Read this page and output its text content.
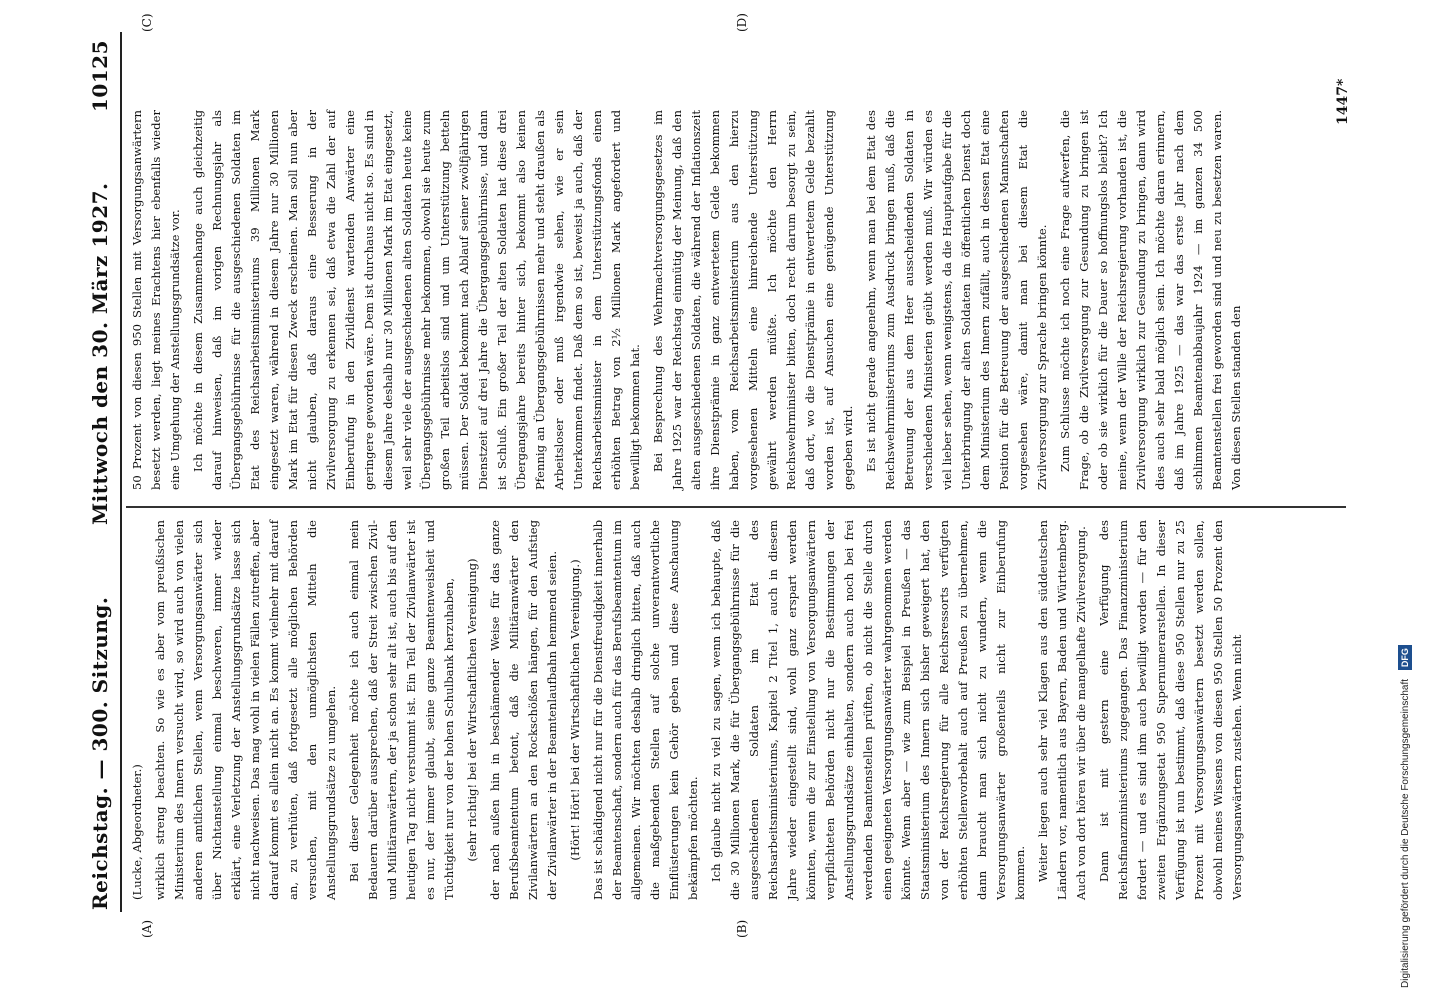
Reichstag. — 300. Sitzung.
Mittwoch den 30. März 1927.
10125
(A)	(B)
(C)	(D)

(Lucke, Abgeordneter.) wirklich streng beachten. So wie es aber vom preußischen Ministerium des Innern versucht wird, so wird auch von vielen anderen amtlichen Stellen, wenn Versorgungsanwärter sich über Nichtanstellung einmal beschweren, immer wieder erklärt, eine Verletzung der Anstellungsgrundsätze lasse sich nicht nachweisen. Das mag wohl in vielen Fällen zutreffen, aber darauf kommt es allein nicht an. Es kommt vielmehr mit darauf an, zu verhüten, daß fortgesetzt alle möglichen Behörden versuchen, mit den unmöglichsten Mitteln die Anstellungsgrundsätze zu umgehen. Bei dieser Gelegenheit möchte ich auch einmal mein Bedauern darüber aussprechen, daß der Streit zwischen Zivil- und Militäranwärtern, der ja schon sehr alt ist, auch bis auf den heutigen Tag nicht verstummt ist. Ein Teil der Zivilanwärter ist es nur, der immer glaubt, seine ganze Beamtenweisheit und Tüchtigkeit nur von der hohen Schulbank herzuhaben, (sehr richtig! bei der Wirtschaftlichen Vereinigung) der nach außen hin in beschämender Weise für das ganze Berufsbeamtentum betont, daß die Militäranwärter den Zivilanwärtern an den Rockschößen hängen, für den Aufstieg der Zivilanwärter in der Beamtenlaufbahn hemmend seien. (Hört! Hört! bei der Wirtschaftlichen Vereinigung.) Das ist schädigend nicht nur für die Dienstfreudigkeit innerhalb der Beamtenschaft, sondern auch für das Berufsbeamtentum im allgemeinen. Wir möchten deshalb dringlich bitten, daß auch die maßgebenden Stellen auf solche unverantwortliche Einflüsterungen kein Gehör geben und diese Anschauung bekämpfen möchten. Ich glaube nicht zu viel zu sagen, wenn ich behaupte, daß die 30 Millionen Mark, die für Übergangsgebührnisse für die ausgeschiedenen Soldaten im Etat des Reichsarbeitsministeriums, Kapitel 2 Titel 1, auch in diesem Jahre wieder eingestellt sind, wohl ganz erspart werden könnten, wenn die zur Einstellung von Versorgungsanwärtern verpflichteten Behörden nicht nur die Bestimmungen der Anstellungsgrundsätze einhalten, sondern auch noch bei frei werdenden Beamtenstellen prüften, ob nicht die Stelle durch einen geeigneten Versorgungsanwärter wahrgenommen werden könnte. Wenn aber — wie zum Beispiel in Preußen — das Staatsministerium des Innern sich bisher geweigert hat, den von der Reichsregierung für alle Reichsressorts verfügten erhöhten Stellenvorbehalt auch auf Preußen zu übernehmen, dann braucht man sich nicht zu wundern, wenn die Versorgungsanwärter großenteils nicht zur Einberufung kommen. Weiter liegen auch sehr viel Klagen aus den süddeutschen Ländern vor, namentlich aus Bayern, Baden und Württemberg. Auch von dort hören wir über die mangelhafte Zivilversorgung. Dann ist mit gestern eine Verfügung des Reichsfinanzministeriums zugegangen. Das Finanzministerium fordert — und es sind ihm auch bewilligt worden — für den zweiten Ergänzungsetat 950 Supernumerarstellen. In dieser Verfügung ist nun bestimmt, daß diese 950 Stellen nur zu 25 Prozent mit Versorgungsanwärtern besetzt werden sollen, obwohl meines Wissens von diesen 950 Stellen 50 Prozent den Versorgungsanwärtern zustehen. Wenn nicht

50 Prozent von diesen 950 Stellen mit Versorgungsanwärtern besetzt werden, liegt meines Erachtens hier ebenfalls wieder eine Umgehung der Anstellungsgrundsätze vor. Ich möchte in diesem Zusammenhange auch gleichzeitig darauf hinweisen, daß im vorigen Rechnungsjahr als Übergangsgebührnisse für die ausgeschiedenen Soldaten im Etat des Reichsarbeitsministeriums 39 Millionen Mark eingesetzt waren, während in diesem Jahre nur 30 Millionen Mark im Etat für diesen Zweck erscheinen. Man soll nun aber nicht glauben, daß daraus eine Besserung in der Zivilversorgung zu erkennen sei, daß etwa die Zahl der auf Einberufung in den Zivildienst wartenden Anwärter eine geringere geworden wäre. Dem ist durchaus nicht so. Es sind in diesem Jahre deshalb nur 30 Millionen Mark im Etat eingesetzt, weil sehr viele der ausgeschiedenen alten Soldaten heute keine Übergangsgebührnisse mehr bekommen, obwohl sie heute zum großen Teil arbeitslos sind und um Unterstützung betteln müssen. Der Soldat bekommt nach Ablauf seiner zwölfjährigen Dienstzeit auf drei Jahre die Übergangsgebührnisse, und dann ist Schluß. Ein großer Teil der alten Soldaten hat diese drei Übergangsjahre bereits hinter sich, bekommt also keinen Pfennig an Übergangsgebührnissen mehr und steht draußen als Arbeitsloser oder muß irgendwie sehen, wie er sein Unterkommen findet. Daß dem so ist, beweist ja auch, daß der Reichsarbeitsminister in dem Unterstützungsfonds einen erhöhten Betrag von 2½ Millionen Mark angefordert und bewilligt bekommen hat. Bei Besprechung des Wehrmachtversorgungsgesetzes im Jahre 1925 war der Reichstag einmütig der Meinung, daß den alten ausgeschiedenen Soldaten, die während der Inflationszeit ihre Dienstprämie in ganz entwertetem Gelde bekommen haben, vom Reichsarbeitsministerium aus den hierzu vorgesehenen Mitteln eine hinreichende Unterstützung gewährt werden müßte. Ich möchte den Herrn Reichswehrminister bitten, doch recht darum besorgt zu sein, daß dort, wo die Dienstprämie in entwertetem Gelde bezahlt worden ist, auf Ansuchen eine genügende Unterstützung gegeben wird. Es ist nicht gerade angenehm, wenn man bei dem Etat des Reichswehrministeriums zum Ausdruck bringen muß, daß die Betreuung der aus dem Heer ausscheidenden Soldaten in verschiedenen Ministerien geübt werden muß. Wir würden es viel lieber sehen, wenn wenigstens, da die Hauptaufgabe für die Unterbringung der alten Soldaten im öffentlichen Dienst doch dem Ministerium des Innern zufällt, auch in dessen Etat eine Position für die Betreuung der ausgeschiedenen Mannschaften vorgesehen wäre, damit man bei diesem Etat die Zivilversorgung zur Sprache bringen könnte. Zum Schlusse möchte ich noch eine Frage aufwerfen, die Frage, ob die Zivilversorgung zur Gesundung zu bringen ist oder ob sie wirklich für die Dauer so hoffnungslos bleibt? Ich meine, wenn der Wille der Reichsregierung vorhanden ist, die Zivilversorgung wirklich zur Gesundung zu bringen, dann wird dies auch sehr bald möglich sein. Ich möchte daran erinnern, daß im Jahre 1925 — das war das erste Jahr nach dem schlimmen Beamtenabbaujahr 1924 — im ganzen 34 500 Beamtenstellen frei geworden sind und neu zu besetzen waren. Von diesen Stellen standen den

1447*
Digitalisierung gefördert durch die Deutsche Forschungsgemeinschaft DFG
